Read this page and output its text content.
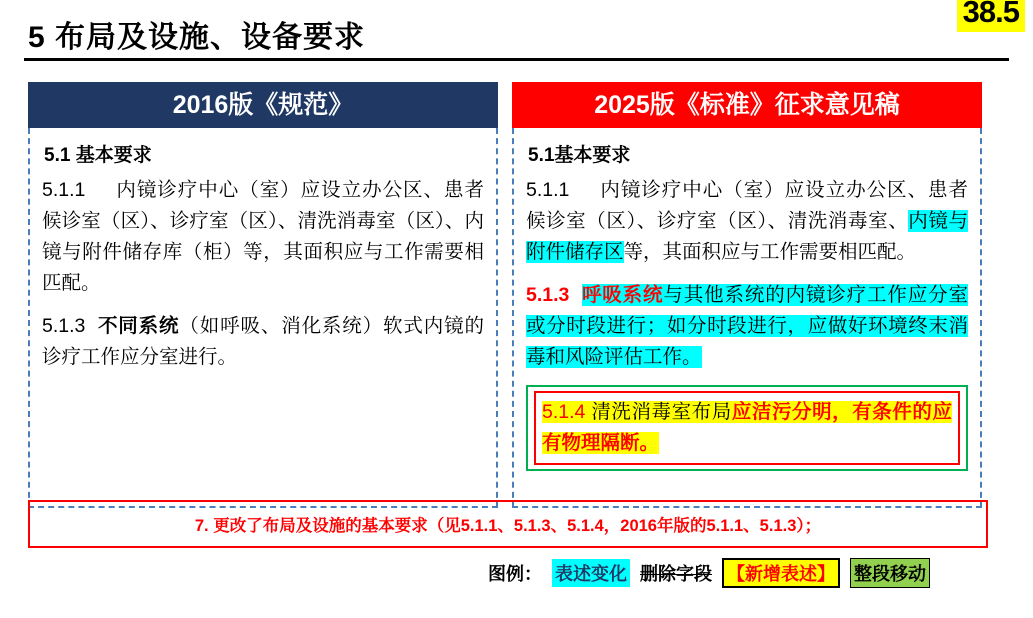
38.5
5 布局及设施、设备要求
2016版《规范》
5.1 基本要求
5.1.1 内镜诊疗中心（室）应设立办公区、患者候诊室（区）、诊疗室（区）、清洗消毒室（区）、内镜与附件储存库（柜）等，其面积应与工作需要相匹配。
5.1.3 不同系统（如呼吸、消化系统）软式内镜的诊疗工作应分室进行。
2025版《标准》征求意见稿
5.1基本要求
5.1.1 内镜诊疗中心（室）应设立办公区、患者候诊室（区）、诊疗室（区）、清洗消毒室、内镜与附件储存区等，其面积应与工作需要相匹配。
5.1.3 呼吸系统与其他系统的内镜诊疗工作应分室或分时段进行；如分时段进行，应做好环境终末消毒和风险评估工作。
5.1.4 清洗消毒室布局应洁污分明，有条件的应有物理隔断。
7. 更改了布局及设施的基本要求（见5.1.1、5.1.3、5.1.4，2016年版的5.1.1、5.1.3）；
图例： 表述变化 删除字段 【新增表述】 整段移动
